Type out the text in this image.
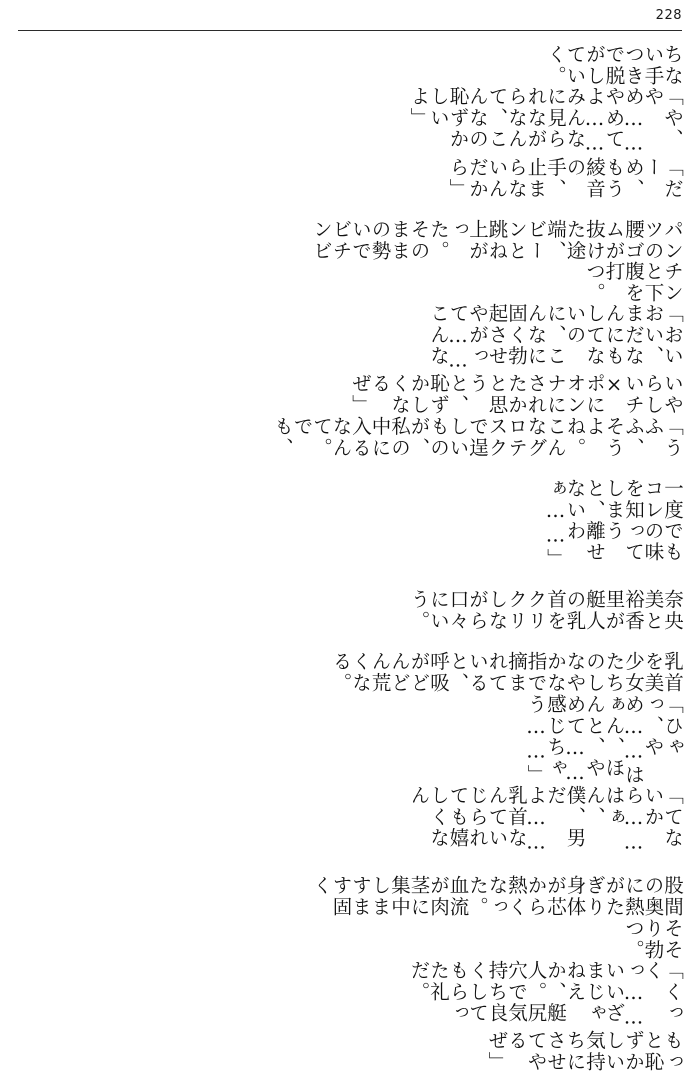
228
ちない手つきで脱がしていく。
「や、やめ……やめてよ……みんなに見られながらなんて、こんなの恥ずかしいよ」
「だーめ、もう綾音の手、止まらないんだから」
パンツの腰ゴムが抜けた途端、ビーンと跳ね上がった。そのままの勢いでビチンビ
チンと下腹を打つ。
「おいおい、まだなんにもしてないのに、こんなに固く勃起させやがって……こんな
いやらしいチ×ポにオンナにされたかと思うと、恥ずかしくなるぜ」
「うふふ、そうよね。こんなグロテスクで逞しいものが、私の中に入るなんて。でも、
一度でもコレの味を知ってしまうと、離せないわぁ……」
奈央美と裕香里が艇人の乳首をクリクリしながら口々にいう。
乳首を美少女たちのしなやかな指で摘まれていると、呼吸がどんどん荒くなる。
「ひゃっ、やめ……はぁん、ほんと、やめて……感じちゃう……」
「てないから……はぁん、僕、男だよ……乳首なんていじられても嬉しくなん
股間の奥に熱がたぎり身体が芯から熱くなった。血流が肉茎に集中しますます固く
そそり勃つ。
「くっくっ……いいざまじゃねえか、艇人。尻穴で気持ち良くしてもらった礼だ。
もっと恥ずかしい気持ちにさせてやるぜ」
